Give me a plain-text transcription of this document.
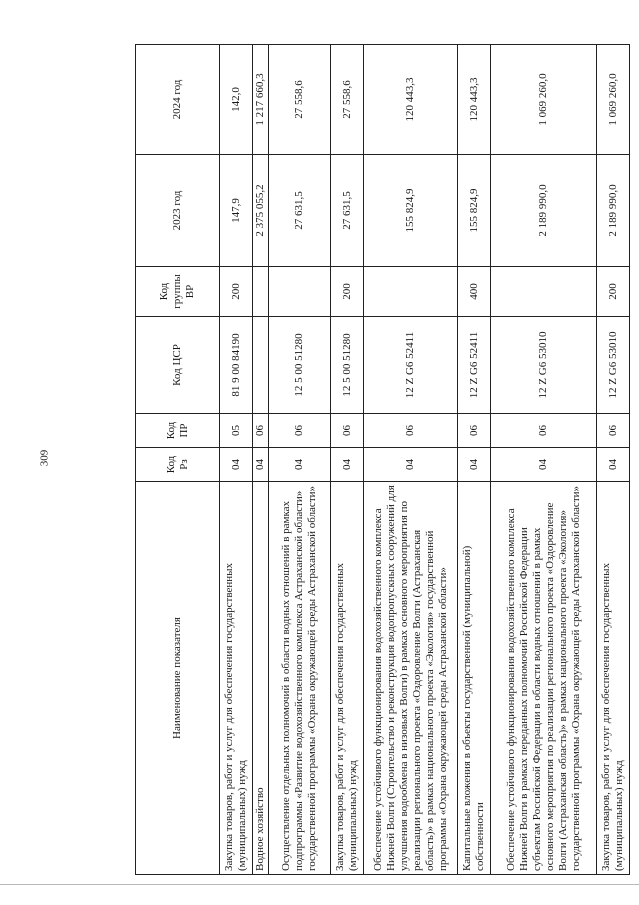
309
Наименование показателя	Код Рз	Код ПР	Код ЦСР	Код группы ВР	2023 год	2024 год
Закупка товаров, работ и услуг для обеспечения государственных (муниципальных) нужд	04	05	81 9 00 84190	200	147,9	142,0
Водное хозяйство	04	06			2 375 055,2	1 217 660,3
Осуществление отдельных полномочий в области водных отношений в рамках подпрограммы «Развитие водохозяйственного комплекса Астраханской области» государственной программы «Охрана окружающей среды Астраханской области»	04	06	12 5 00 51280		27 631,5	27 558,6
Закупка товаров, работ и услуг для обеспечения государственных (муниципальных) нужд	04	06	12 5 00 51280	200	27 631,5	27 558,6
Обеспечение устойчивого функционирования водохозяйственного комплекса Нижней Волги (Строительство и реконструкция водопропускных сооружений для улучшения водообмена в низовьях Волги) в рамках основного мероприятия по реализации регионального проекта «Оздоровление Волги (Астраханская область)» в рамках национального проекта «Экология» государственной программы «Охрана окружающей среды Астраханской области»	04	06	12 Z G6 52411		155 824,9	120 443,3
Капитальные вложения в объекты государственной (муниципальной) собственности	04	06	12 Z G6 52411	400	155 824,9	120 443,3
Обеспечение устойчивого функционирования водохозяйственного комплекса Нижней Волги в рамках переданных полномочий Российской Федерации субъектам Российской Федерации в области водных отношений в рамках основного мероприятия по реализации регионального проекта «Оздоровление Волги (Астраханская область)» в рамках национального проекта «Экология» государственной программы «Охрана окружающей среды Астраханской области»	04	06	12 Z G6 53010		2 189 990,0	1 069 260,0
Закупка товаров, работ и услуг для обеспечения государственных (муниципальных) нужд	04	06	12 Z G6 53010	200	2 189 990,0	1 069 260,0
